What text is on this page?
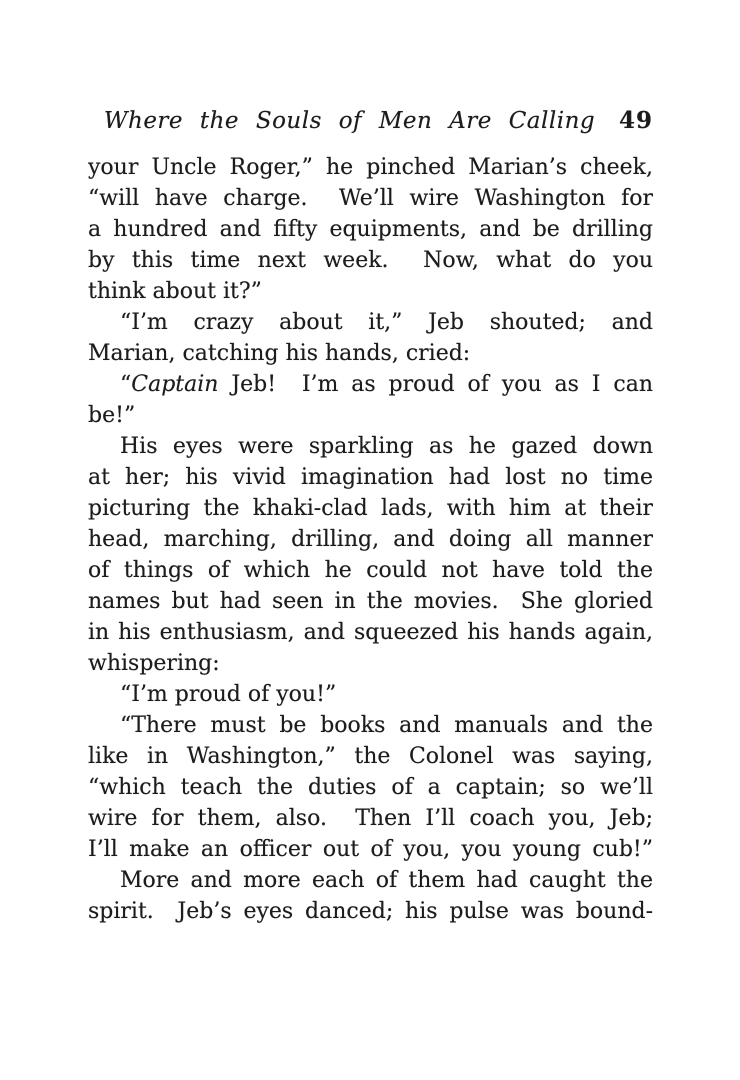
Where the Souls of Men Are Calling	49
your Uncle Roger,” he pinched Marian’s cheek,
“will have charge.  We’ll wire Washington for
a hundred and fifty equipments, and be drilling
by this time next week.  Now, what do you
think about it?”
“I’m crazy about it,” Jeb shouted; and
Marian, catching his hands, cried:
“Captain Jeb!  I’m as proud of you as I can
be!”
His eyes were sparkling as he gazed down
at her; his vivid imagination had lost no time
picturing the khaki-clad lads, with him at their
head, marching, drilling, and doing all manner
of things of which he could not have told the
names but had seen in the movies.  She gloried
in his enthusiasm, and squeezed his hands again,
whispering:
“I’m proud of you!”
“There must be books and manuals and the
like in Washington,” the Colonel was saying,
“which teach the duties of a captain; so we’ll
wire for them, also.  Then I’ll coach you, Jeb;
I’ll make an officer out of you, you young cub!”
More and more each of them had caught the
spirit.  Jeb’s eyes danced; his pulse was bound-
